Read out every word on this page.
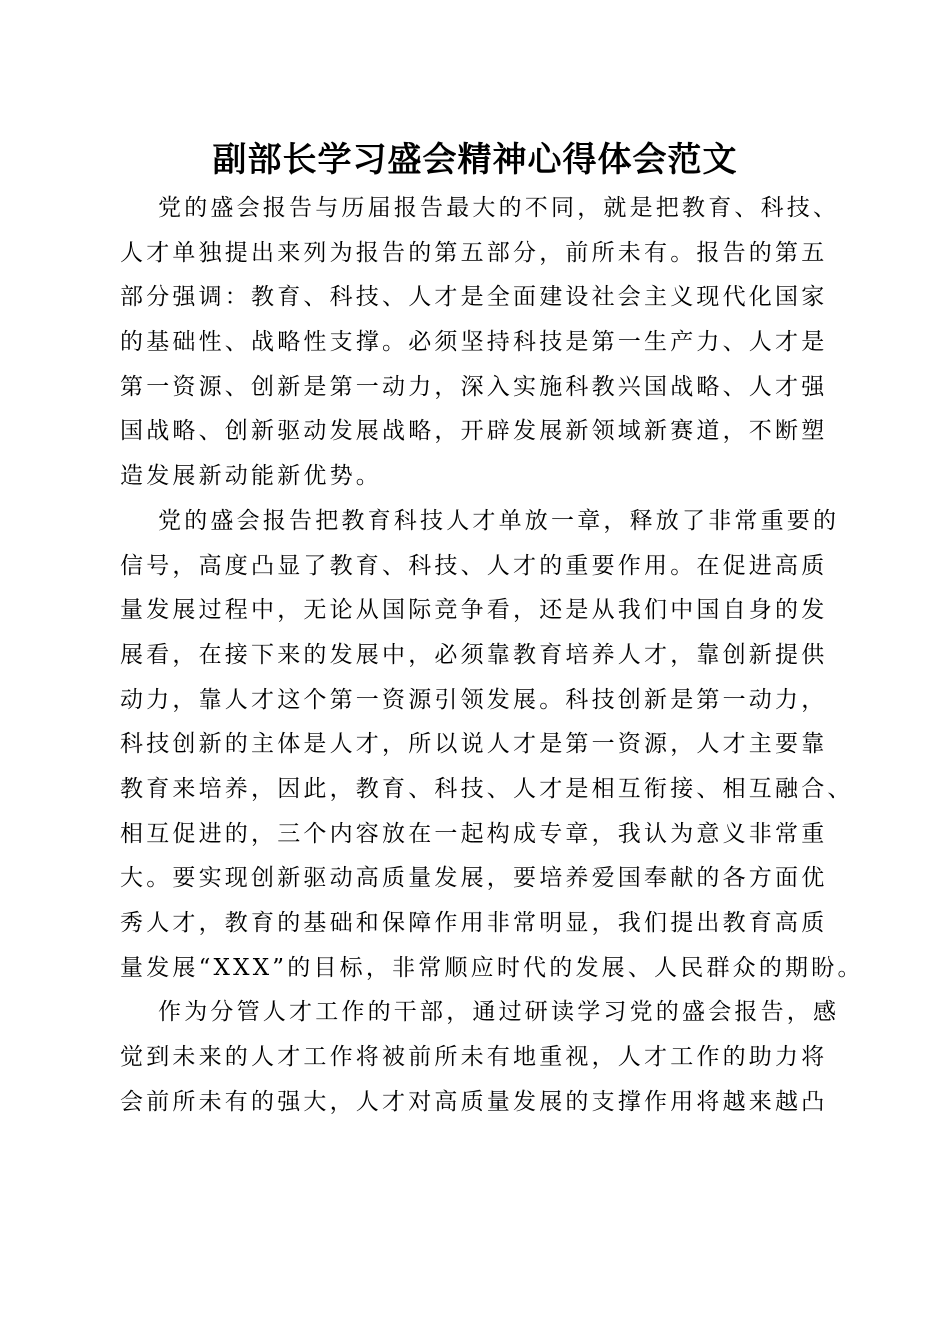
副部长学习盛会精神心得体会范文
党的盛会报告与历届报告最大的不同，就是把教育、科技、
人才单独提出来列为报告的第五部分，前所未有。报告的第五
部分强调：教育、科技、人才是全面建设社会主义现代化国家
的基础性、战略性支撑。必须坚持科技是第一生产力、人才是
第一资源、创新是第一动力，深入实施科教兴国战略、人才强
国战略、创新驱动发展战略，开辟发展新领域新赛道，不断塑
造发展新动能新优势。
党的盛会报告把教育科技人才单放一章，释放了非常重要的
信号，高度凸显了教育、科技、人才的重要作用。在促进高质
量发展过程中，无论从国际竞争看，还是从我们中国自身的发
展看，在接下来的发展中，必须靠教育培养人才，靠创新提供
动力，靠人才这个第一资源引领发展。科技创新是第一动力，
科技创新的主体是人才，所以说人才是第一资源，人才主要靠
教育来培养，因此，教育、科技、人才是相互衔接、相互融合、
相互促进的，三个内容放在一起构成专章，我认为意义非常重
大。要实现创新驱动高质量发展，要培养爱国奉献的各方面优
秀人才，教育的基础和保障作用非常明显，我们提出教育高质
量发展“XXX”的目标，非常顺应时代的发展、人民群众的期盼。
作为分管人才工作的干部，通过研读学习党的盛会报告，感
觉到未来的人才工作将被前所未有地重视，人才工作的助力将
会前所未有的强大，人才对高质量发展的支撑作用将越来越凸
